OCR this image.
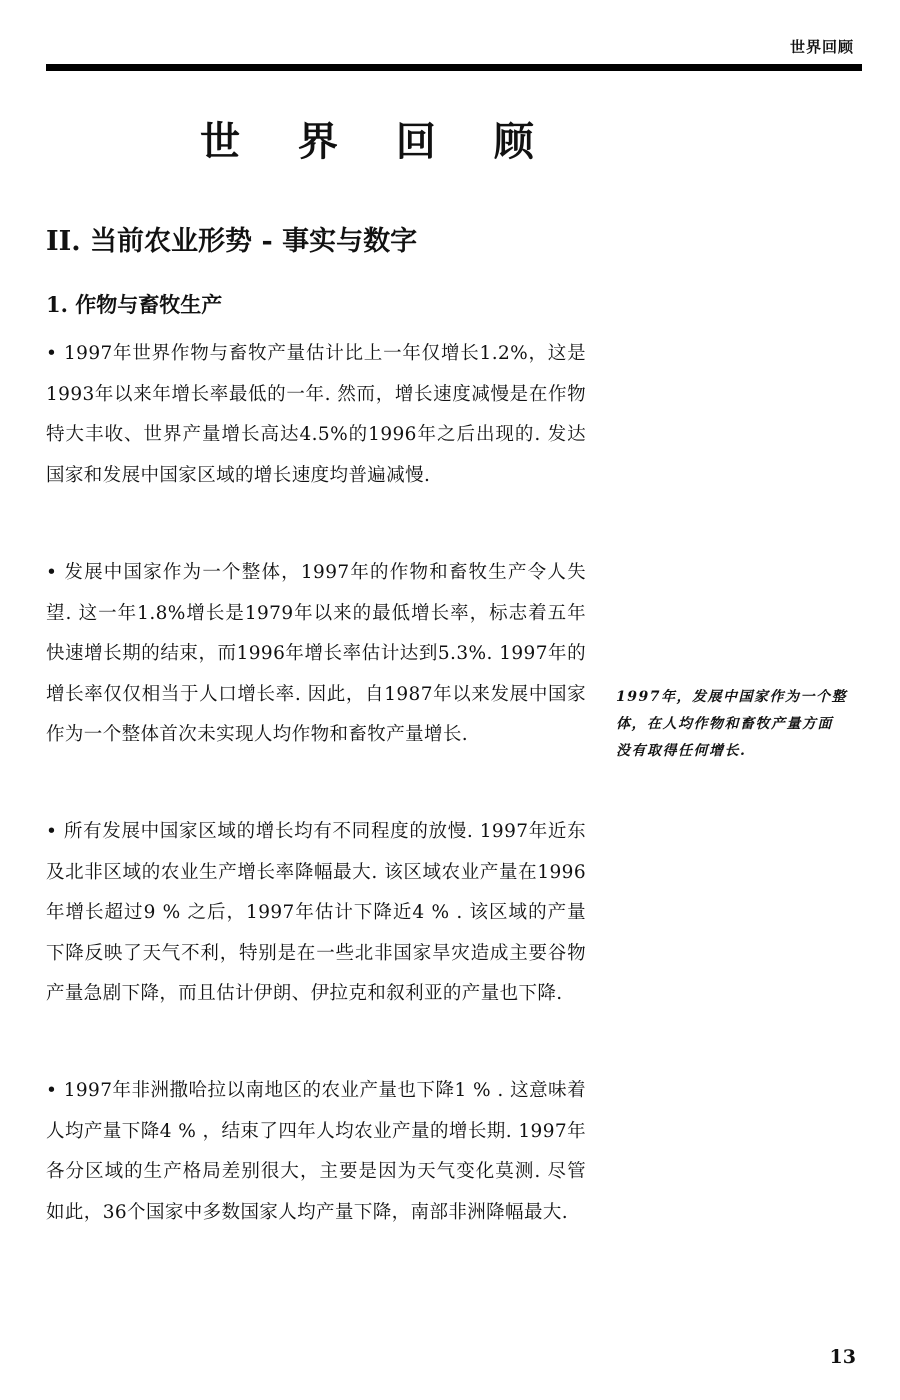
世界回顾
世 界 回 顾
II. 当前农业形势 - 事实与数字
1. 作物与畜牧生产

• 1997年世界作物与畜牧产量估计比上一年仅增长1.2%，这是1993年以来年增长率最低的一年. 然而，增长速度减慢是在作物特大丰收、世界产量增长高达4.5%的1996年之后出现的. 发达国家和发展中国家区域的增长速度均普遍减慢.

• 发展中国家作为一个整体，1997年的作物和畜牧生产令人失望. 这一年1.8%增长是1979年以来的最低增长率，标志着五年快速增长期的结束，而1996年增长率估计达到5.3%. 1997年的增长率仅仅相当于人口增长率. 因此，自1987年以来发展中国家作为一个整体首次未实现人均作物和畜牧产量增长.

• 所有发展中国家区域的增长均有不同程度的放慢. 1997年近东及北非区域的农业生产增长率降幅最大. 该区域农业产量在1996年增长超过9 % 之后，1997年估计下降近4 % . 该区域的产量下降反映了天气不利，特别是在一些北非国家旱灾造成主要谷物产量急剧下降，而且估计伊朗、伊拉克和叙利亚的产量也下降.

• 1997年非洲撒哈拉以南地区的农业产量也下降1 % . 这意味着人均产量下降4 % ，结束了四年人均农业产量的增长期. 1997年各分区域的生产格局差别很大，主要是因为天气变化莫测. 尽管如此，36个国家中多数国家人均产量下降，南部非洲降幅最大.

1997年，发展中国家作为一个整体，在人均作物和畜牧产量方面没有取得任何增长.

13
